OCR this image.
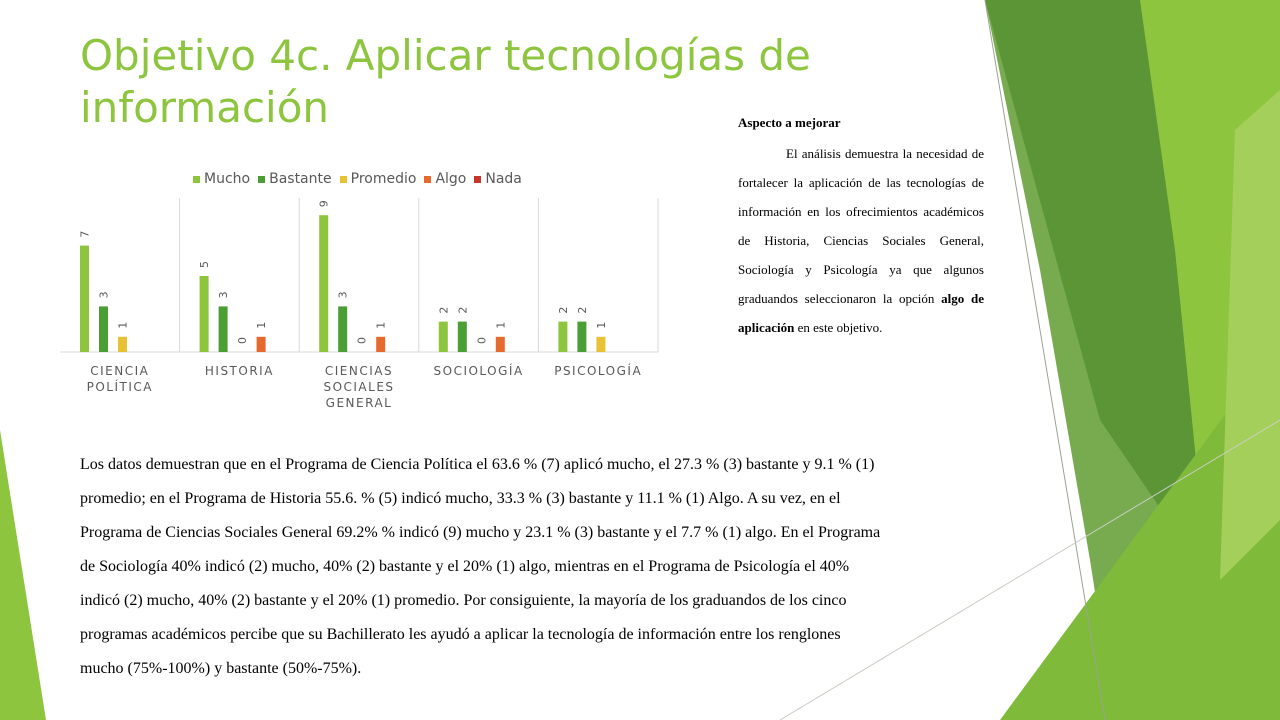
Objetivo 4c. Aplicar tecnologías de información
Mucho Bastante Promedio Algo Nada
7
3
1
CIENCIA
POLÍTICA
5
3
0
1
HISTORIA
9
3
0
1
CIENCIAS
SOCIALES
GENERAL
2 2
0
1
SOCIOLOGÍA
2 2
1
PSICOLOGÍA

Aspecto a mejorar

El análisis demuestra la necesidad de fortalecer la aplicación de las tecnologías de información en los ofrecimientos académicos de Historia, Ciencias Sociales General, Sociología y Psicología ya que algunos graduandos seleccionaron la opción algo de aplicación en este objetivo.

Los datos demuestran que en el Programa de Ciencia Política el 63.6 % (7) aplicó mucho, el 27.3 % (3) bastante y 9.1 % (1) promedio; en el Programa de Historia 55.6. % (5) indicó mucho, 33.3 % (3) bastante y 11.1 % (1) Algo. A su vez, en el Programa de Ciencias Sociales General 69.2% % indicó (9) mucho y 23.1 % (3) bastante y el 7.7 % (1) algo. En el Programa de Sociología 40% indicó (2) mucho, 40% (2) bastante y el 20% (1) algo, mientras en el Programa de Psicología el 40% indicó (2) mucho, 40% (2) bastante y el 20% (1) promedio. Por consiguiente, la mayoría de los graduandos de los cinco programas académicos percibe que su Bachillerato les ayudó a aplicar la tecnología de información entre los renglones mucho (75%-100%) y bastante (50%-75%).
